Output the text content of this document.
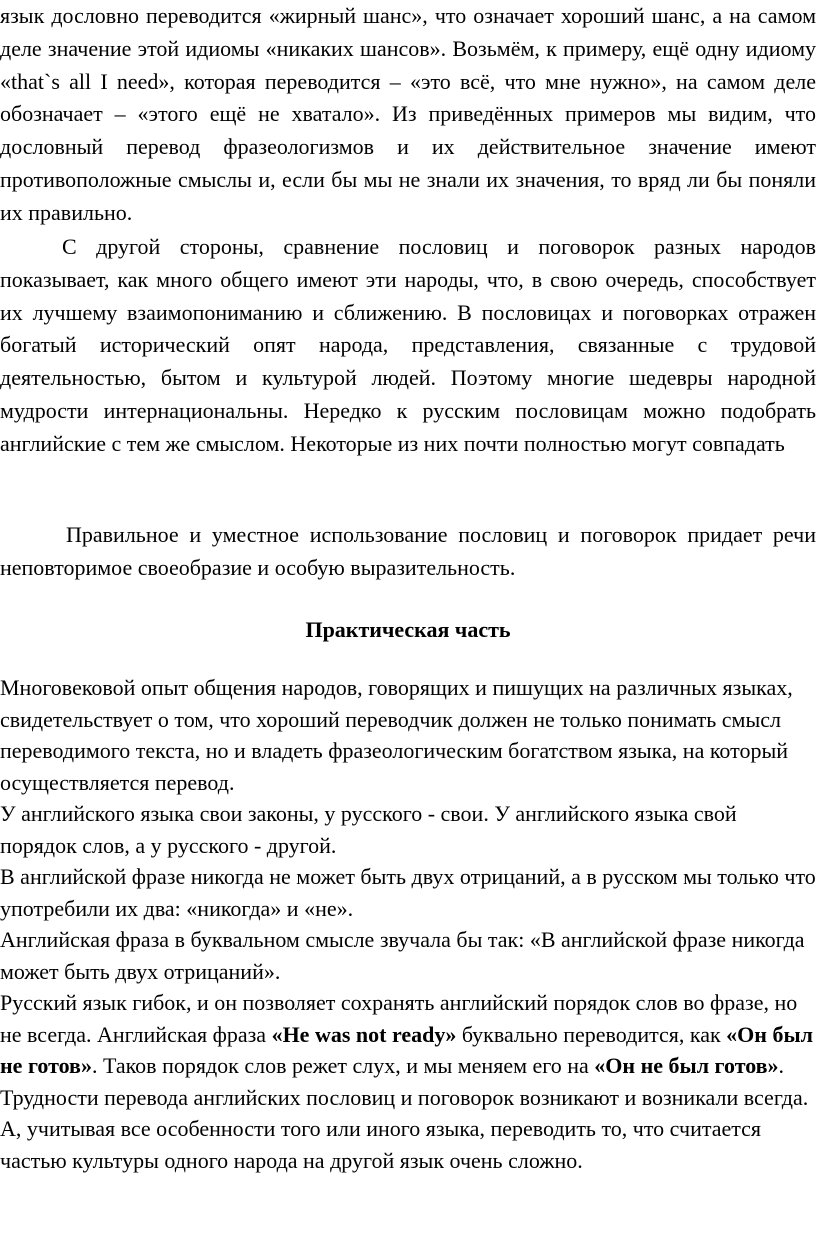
язык дословно переводится «жирный шанс», что означает хороший шанс, а на самом деле значение этой идиомы «никаких шансов». Возьмём, к примеру, ещё одну идиому «that`s all I need», которая переводится – «это всё, что мне нужно», на самом деле обозначает – «этого ещё не хватало». Из приведённых примеров мы видим, что дословный перевод фразеологизмов и их действительное значение имеют противоположные смыслы и, если бы мы не знали их значения, то вряд ли бы поняли их правильно.

С другой стороны, сравнение пословиц и поговорок разных народов показывает, как много общего имеют эти народы, что, в свою очередь, способствует их лучшему взаимопониманию и сближению. В пословицах и поговорках отражен богатый исторический опят народа, представления, связанные с трудовой деятельностью, бытом и культурой людей. Поэтому многие шедевры народной мудрости интернациональны. Нередко к русским пословицам можно подобрать английские с тем же смыслом. Некоторые из них почти полностью могут совпадать

Правильное и уместное использование пословиц и поговорок придает речи неповторимое своеобразие и особую выразительность.

Практическая часть

Многовековой опыт общения народов, говорящих и пишущих на различных языках, свидетельствует о том, что хороший переводчик должен не только понимать смысл переводимого текста, но и владеть фразеологическим богатством языка, на который осуществляется перевод.

У английского языка свои законы, у русского - свои. У английского языка свой порядок слов, а у русского - другой.

В английской фразе никогда не может быть двух отрицаний, а в русском мы только что употребили их два: «никогда» и «не».

Английская фраза в буквальном смысле звучала бы так: «В английской фразе никогда может быть двух отрицаний».

Русский язык гибок, и он позволяет сохранять английский порядок слов во фразе, но не всегда. Английская фраза «He was not ready» буквально переводится, как «Он был не готов». Таков порядок слов режет слух, и мы меняем его на «Он не был готов».

Трудности перевода английских пословиц и поговорок возникают и возникали всегда. А, учитывая все особенности того или иного языка, переводить то, что считается частью культуры одного народа на другой язык очень сложно.
